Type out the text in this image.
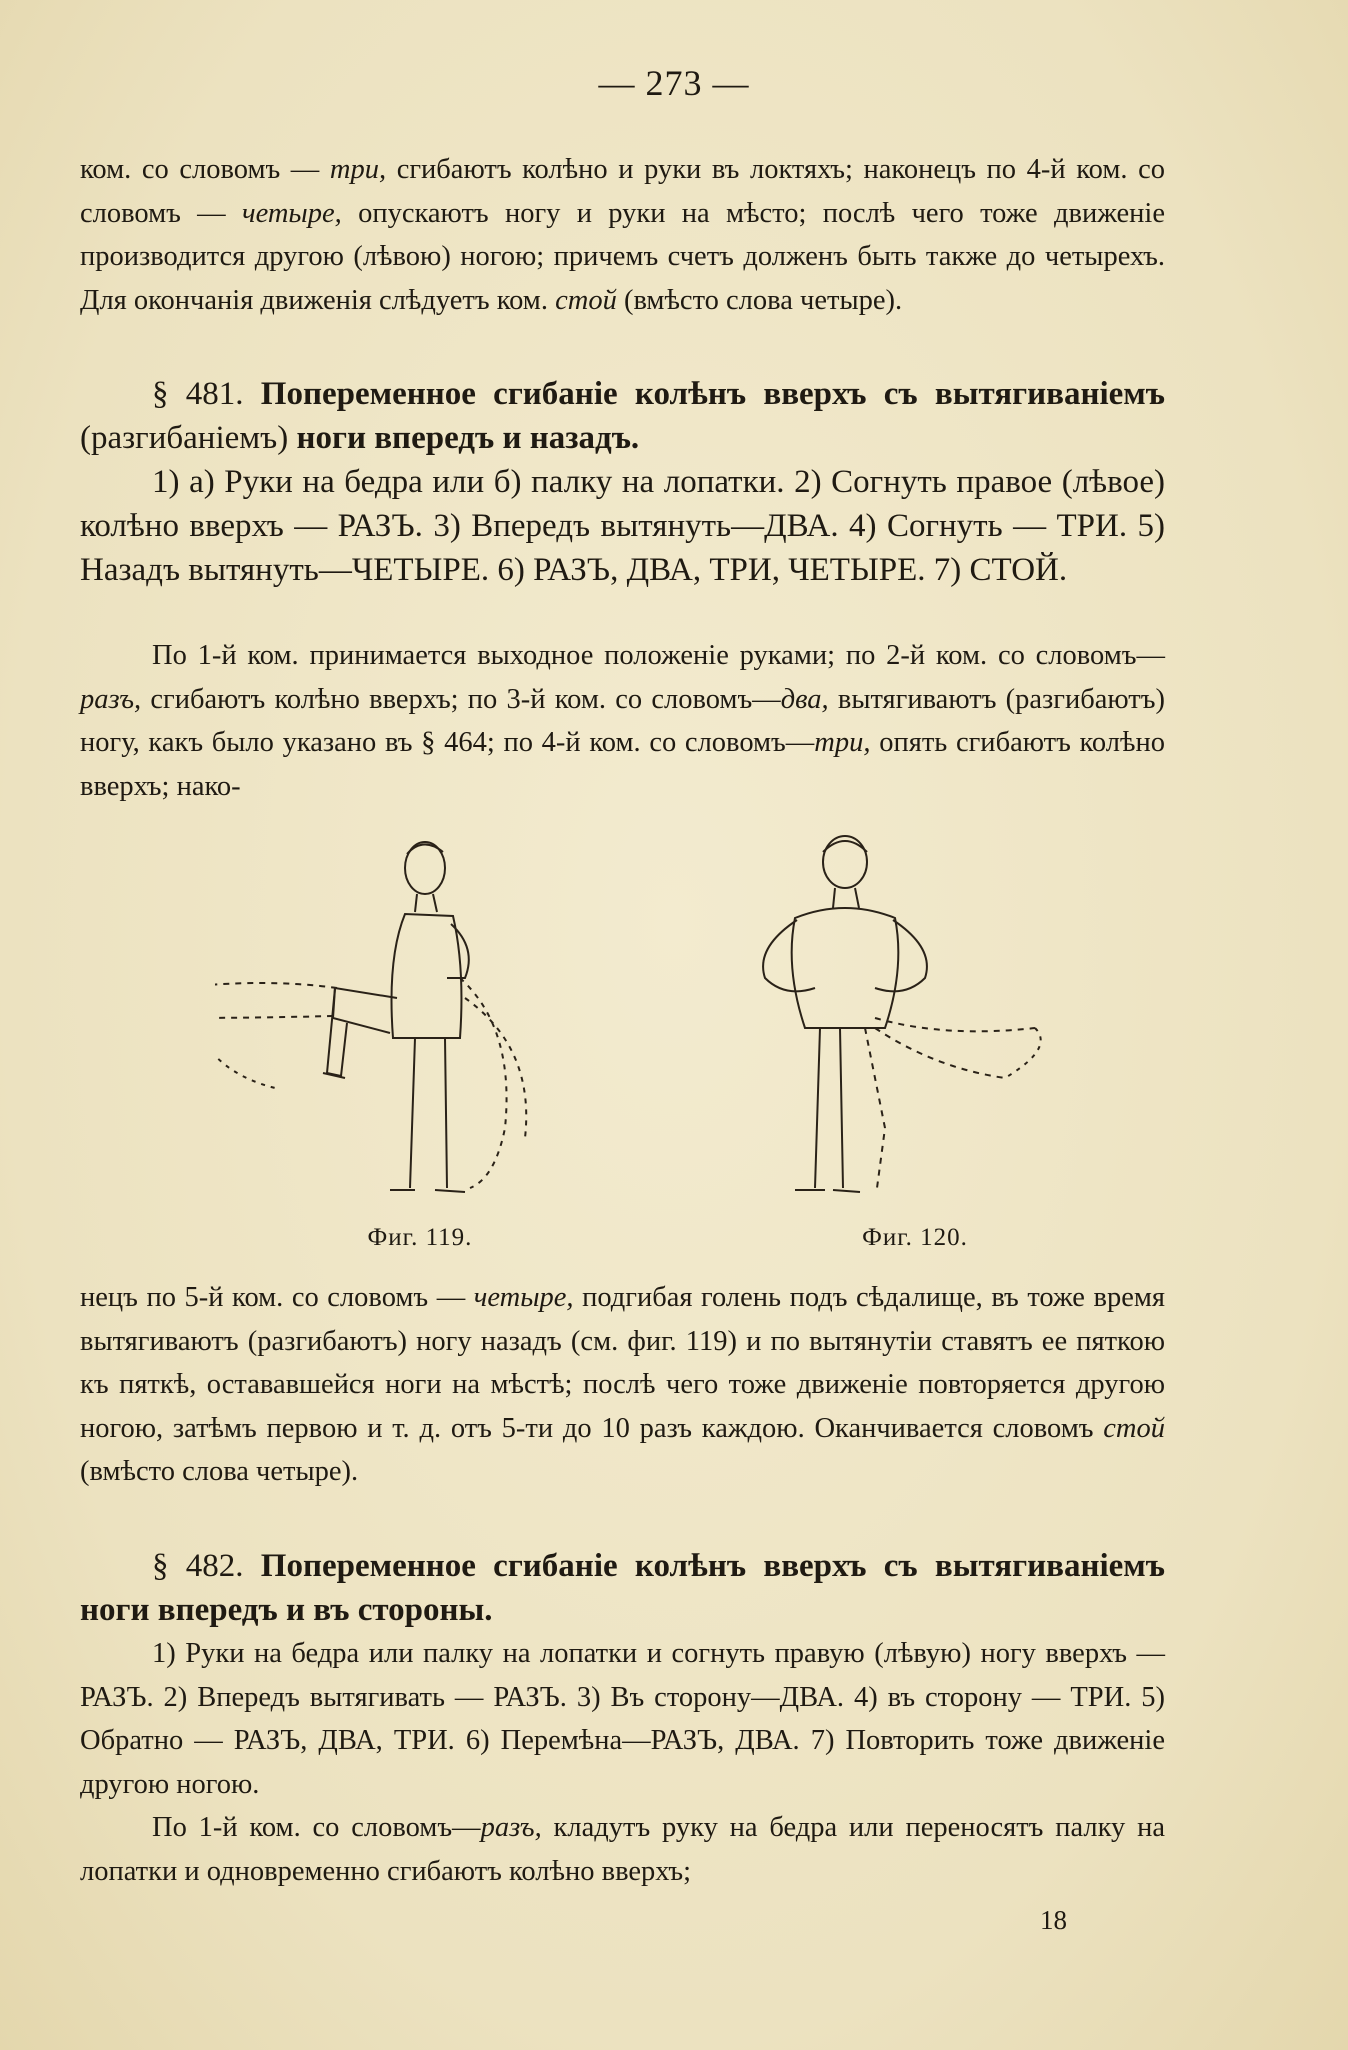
— 273 —

ком. со словомъ — три, сгибаютъ колѣно и руки въ локтяхъ; наконецъ по 4-й ком. со словомъ — четыре, опускаютъ ногу и руки на мѣсто; послѣ чего тоже движенiе производится другою (лѣвою) ногою; причемъ счетъ долженъ быть также до четырехъ. Для окончанiя движенiя слѣдуетъ ком. стой (вмѣсто слова четыре).

§ 481. Попеременное сгибанiе колѣнъ вверхъ съ вытягиванiемъ (разгибанiемъ) ноги впередъ и назадъ.

1) а) Руки на бедра или б) палку на лопатки. 2) Согнуть правое (лѣвое) колѣно вверхъ — РАЗЪ. 3) Впередъ вытянуть—ДВА. 4) Согнуть — ТРИ. 5) Назадъ вытянуть—ЧЕТЫРЕ. 6) РАЗЪ, ДВА, ТРИ, ЧЕТЫРЕ. 7) СТОЙ.

По 1-й ком. принимается выходное положенiе руками; по 2-й ком. со словомъ—разъ, сгибаютъ колѣно вверхъ; по 3-й ком. со словомъ—два, вытягиваютъ (разгибаютъ) ногу, какъ было указано въ § 464; по 4-й ком. со словомъ—три, опять сгибаютъ колѣно вверхъ; нако-

Фиг. 119.	Фиг. 120.

нецъ по 5-й ком. со словомъ — четыре, подгибая голень подъ сѣдалище, въ тоже время вытягиваютъ (разгибаютъ) ногу назадъ (см. фиг. 119) и по вытянутiи ставятъ ее пяткою къ пяткѣ, остававшейся ноги на мѣстѣ; послѣ чего тоже движенiе повторяется другою ногою, затѣмъ первою и т. д. отъ 5-ти до 10 разъ каждою. Оканчивается словомъ стой (вмѣсто слова четыре).

§ 482. Попеременное сгибанiе колѣнъ вверхъ съ вытягиванiемъ ноги впередъ и въ стороны.

1) Руки на бедра или палку на лопатки и согнуть правую (лѣвую) ногу вверхъ — РАЗЪ. 2) Впередъ вытягивать — РАЗЪ. 3) Въ сторону—ДВА. 4) въ сторону — ТРИ. 5) Обратно — РАЗЪ, ДВА, ТРИ. 6) Перемѣна—РАЗЪ, ДВА. 7) Повторить тоже движенiе другою ногою.

По 1-й ком. со словомъ—разъ, кладутъ руку на бедра или переносятъ палку на лопатки и одновременно сгибаютъ колѣно вверхъ;

18
